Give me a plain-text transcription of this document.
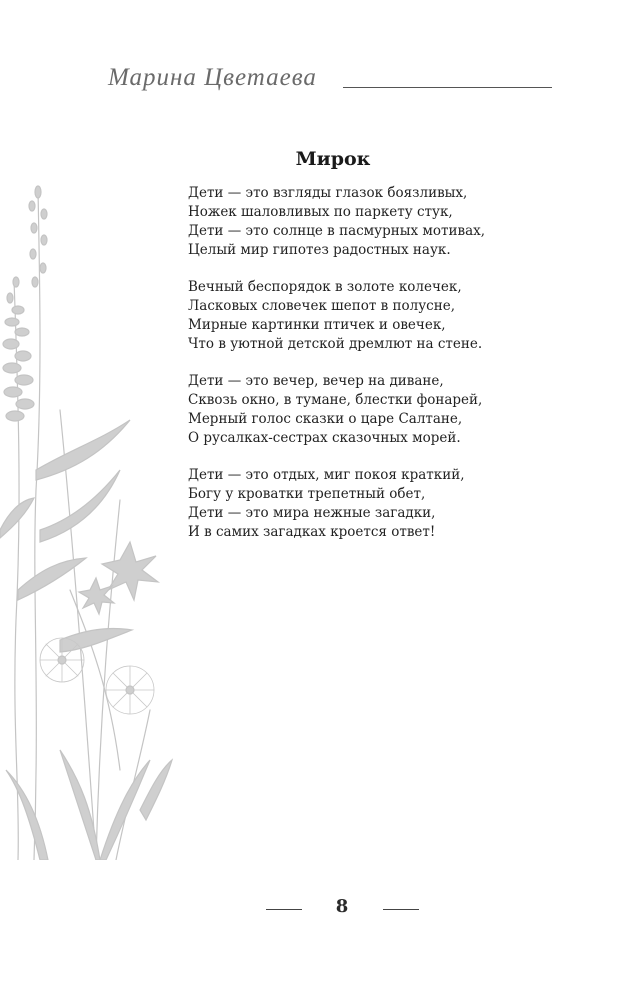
Марина Цветаева
Мирок
Дети — это взгляды глазок боязливых,
Ножек шаловливых по паркету стук,
Дети — это солнце в пасмурных мотивах,
Целый мир гипотез радостных наук.
Вечный беспорядок в золоте колечек,
Ласковых словечек шепот в полусне,
Мирные картинки птичек и овечек,
Что в уютной детской дремлют на стене.
Дети — это вечер, вечер на диване,
Сквозь окно, в тумане, блестки фонарей,
Мерный голос сказки о царе Салтане,
О русалках-сестрах сказочных морей.
Дети — это отдых, миг покоя краткий,
Богу у кроватки трепетный обет,
Дети — это мира нежные загадки,
И в самих загадках кроется ответ!
8
